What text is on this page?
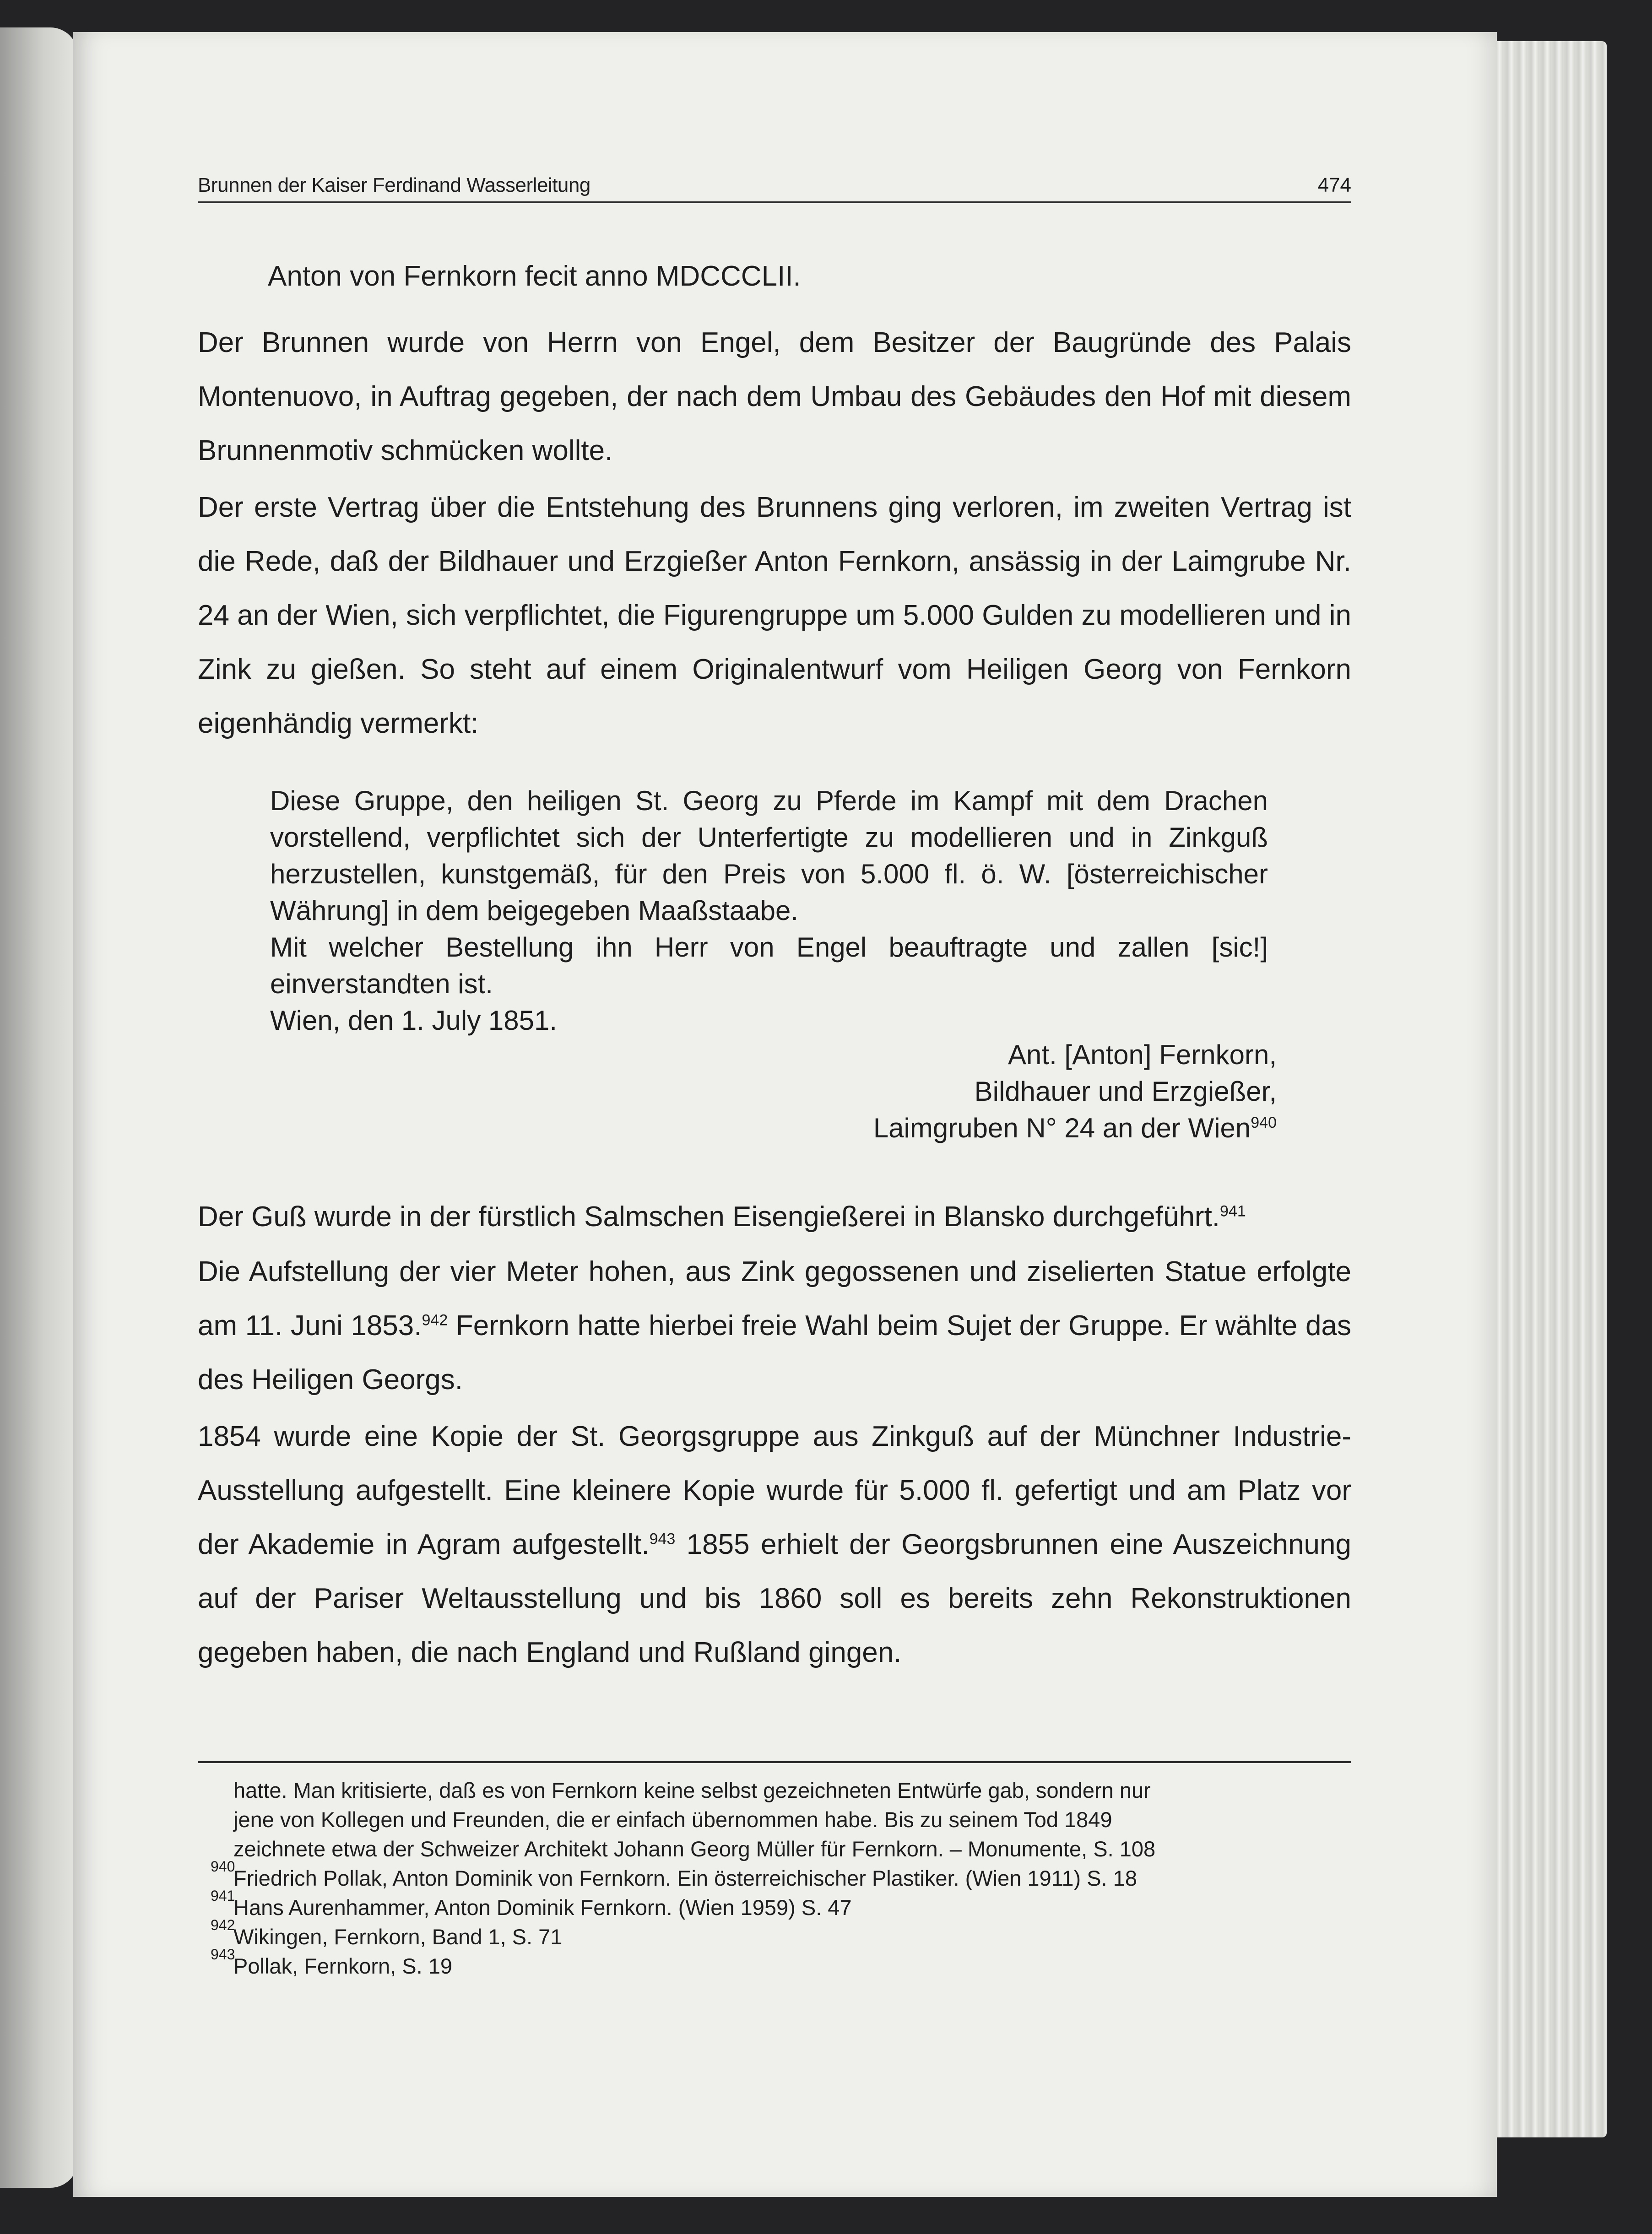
Brunnen der Kaiser Ferdinand Wasserleitung	474

Anton von Fernkorn fecit anno MDCCCLII.

Der Brunnen wurde von Herrn von Engel, dem Besitzer der Baugründe des Palais Montenuovo, in Auftrag gegeben, der nach dem Umbau des Gebäudes den Hof mit diesem Brunnenmotiv schmücken wollte.

Der erste Vertrag über die Entstehung des Brunnens ging verloren, im zweiten Vertrag ist die Rede, daß der Bildhauer und Erzgießer Anton Fernkorn, ansässig in der Laimgrube Nr. 24 an der Wien, sich verpflichtet, die Figurengruppe um 5.000 Gulden zu modellieren und in Zink zu gießen. So steht auf einem Originalentwurf vom Heiligen Georg von Fernkorn eigenhändig vermerkt:

Diese Gruppe, den heiligen St. Georg zu Pferde im Kampf mit dem Drachen vorstellend, verpflichtet sich der Unterfertigte zu modellieren und in Zinkguß herzustellen, kunstgemäß, für den Preis von 5.000 fl. ö. W. [österreichischer Währung] in dem beigegeben Maaßstaabe.
Mit welcher Bestellung ihn Herr von Engel beauftragte und zallen [sic!] einverstandten ist.
Wien, den 1. July 1851.
Ant. [Anton] Fernkorn,
Bildhauer und Erzgießer,
Laimgruben N° 24 an der Wien$^{940}$

Der Guß wurde in der fürstlich Salmschen Eisengießerei in Blansko durchgeführt.$^{941}$

Die Aufstellung der vier Meter hohen, aus Zink gegossenen und ziselierten Statue erfolgte am 11. Juni 1853.$^{942}$ Fernkorn hatte hierbei freie Wahl beim Sujet der Gruppe. Er wählte das des Heiligen Georgs.

1854 wurde eine Kopie der St. Georgsgruppe aus Zinkguß auf der Münchner Industrie-Ausstellung aufgestellt. Eine kleinere Kopie wurde für 5.000 fl. gefertigt und am Platz vor der Akademie in Agram aufgestellt.$^{943}$ 1855 erhielt der Georgsbrunnen eine Auszeichnung auf der Pariser Weltausstellung und bis 1860 soll es bereits zehn Rekonstruktionen gegeben haben, die nach England und Rußland gingen.

hatte. Man kritisierte, daß es von Fernkorn keine selbst gezeichneten Entwürfe gab, sondern nur
jene von Kollegen und Freunden, die er einfach übernommen habe. Bis zu seinem Tod 1849
zeichnete etwa der Schweizer Architekt Johann Georg Müller für Fernkorn. – Monumente, S. 108
940
Friedrich Pollak, Anton Dominik von Fernkorn. Ein österreichischer Plastiker. (Wien 1911) S. 18
941
Hans Aurenhammer, Anton Dominik Fernkorn. (Wien 1959) S. 47
942
Wikingen, Fernkorn, Band 1, S. 71
943
Pollak, Fernkorn, S. 19
